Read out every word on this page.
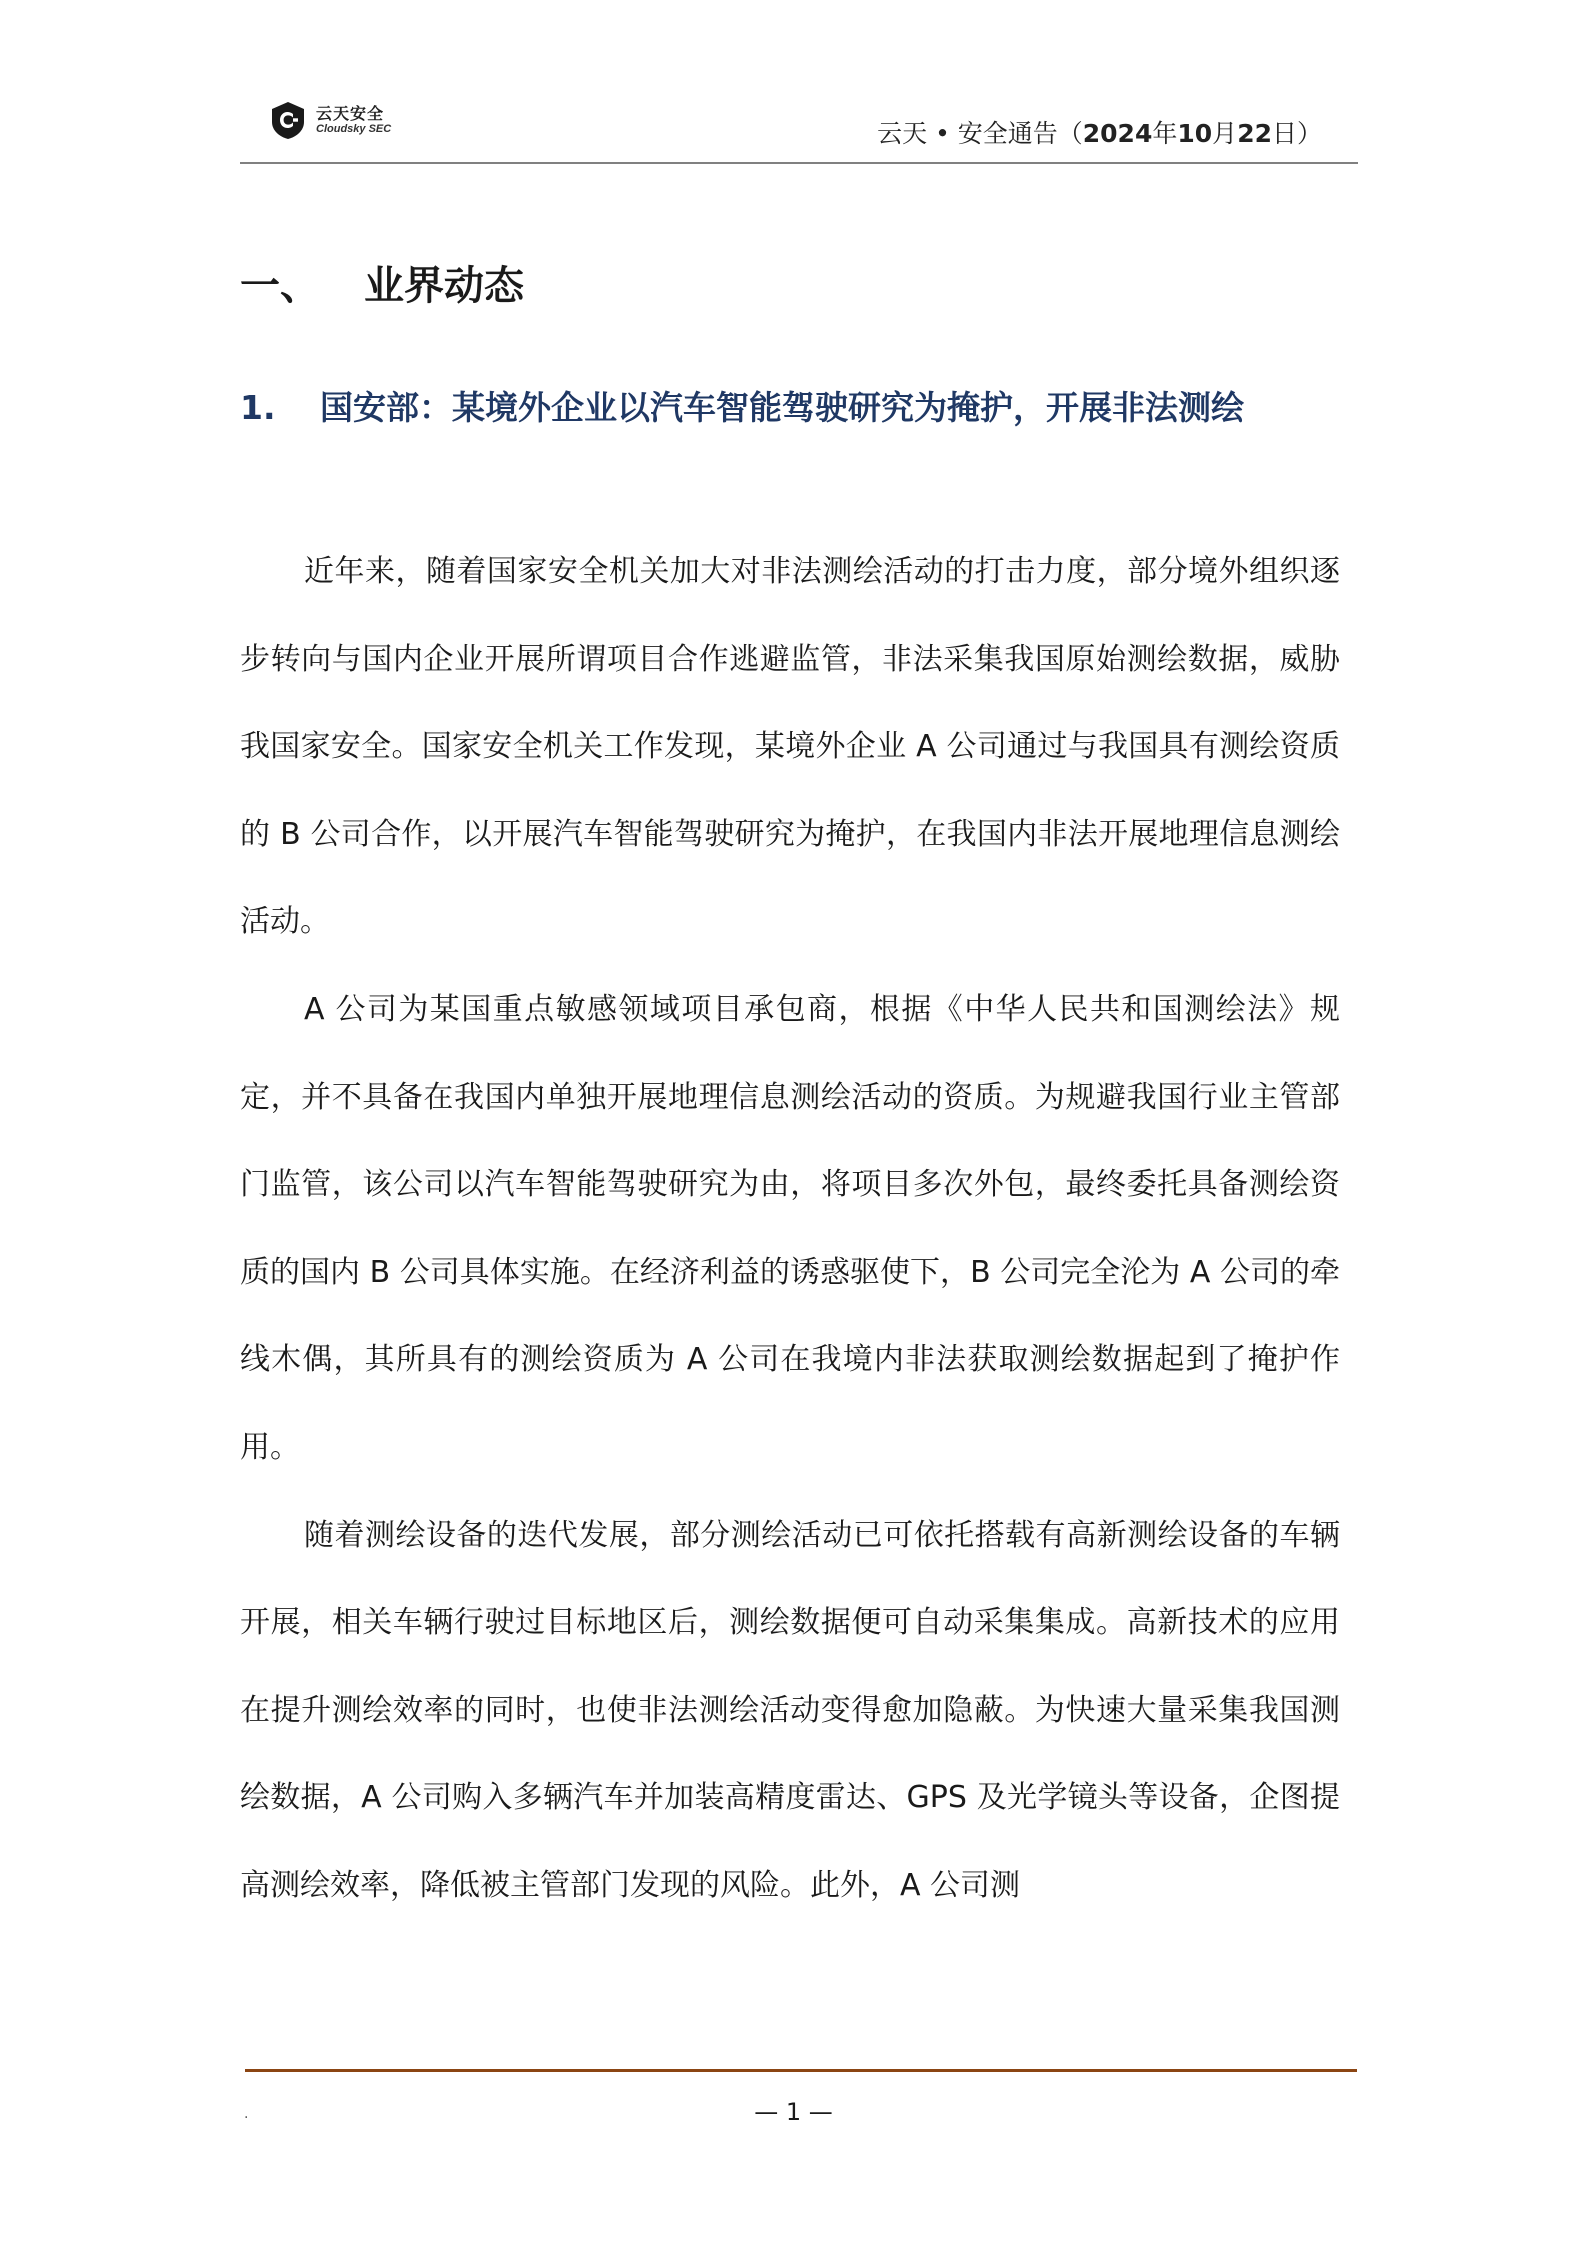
云天安全
Cloudsky SEC	云天 • 安全通告（2024年10月22日）
一、 业界动态
1. 国安部：某境外企业以汽车智能驾驶研究为掩护，开展非法测绘

近年来，随着国家安全机关加大对非法测绘活动的打击力度，部分境外组织逐步转向与国内企业开展所谓项目合作逃避监管，非法采集我国原始测绘数据，威胁我国家安全。国家安全机关工作发现，某境外企业 A 公司通过与我国具有测绘资质的 B 公司合作，以开展汽车智能驾驶研究为掩护，在我国内非法开展地理信息测绘活动。

A 公司为某国重点敏感领域项目承包商，根据《中华人民共和国测绘法》规定，并不具备在我国内单独开展地理信息测绘活动的资质。为规避我国行业主管部门监管，该公司以汽车智能驾驶研究为由，将项目多次外包，最终委托具备测绘资质的国内 B 公司具体实施。在经济利益的诱惑驱使下，B 公司完全沦为 A 公司的牵线木偶，其所具有的测绘资质为 A 公司在我境内非法获取测绘数据起到了掩护作用。

随着测绘设备的迭代发展，部分测绘活动已可依托搭载有高新测绘设备的车辆开展，相关车辆行驶过目标地区后，测绘数据便可自动采集集成。高新技术的应用在提升测绘效率的同时，也使非法测绘活动变得愈加隐蔽。为快速大量采集我国测绘数据，A 公司购入多辆汽车并加装高精度雷达、GPS 及光学镜头等设备，企图提高测绘效率，降低被主管部门发现的风险。此外，A 公司测

.	— 1 —
